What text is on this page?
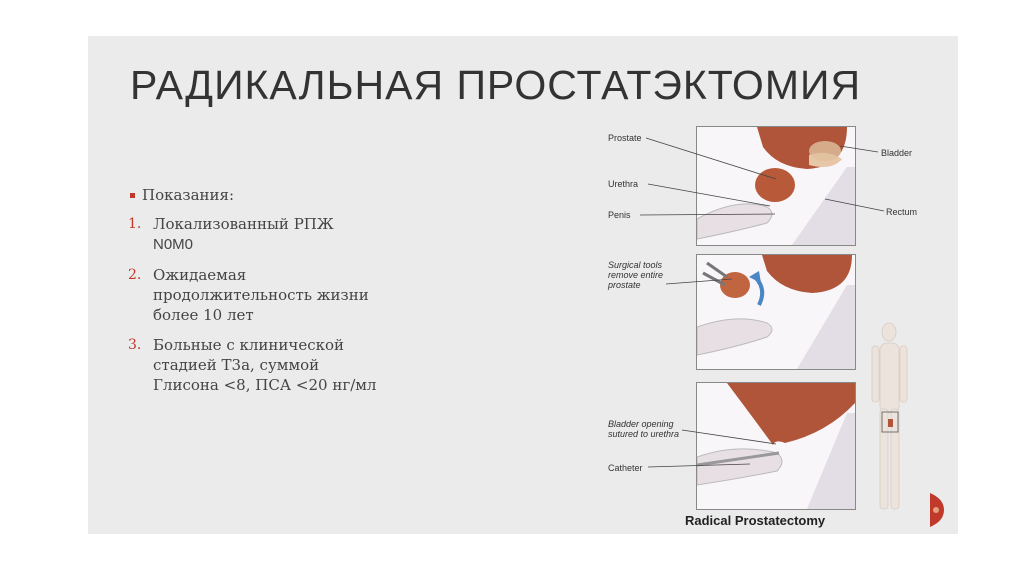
РАДИКАЛЬНАЯ ПРОСТАТЭКТОМИЯ
Показания:
1. Локализованный РПЖ
N0M0
2. Ожидаемая
продолжительность жизни
более 10 лет
3. Больные с клинической
стадией Т3а, суммой
Глисона <8, ПСА <20 нг/мл
Prostate
Urethra
Penis
Bladder
Rectum
Surgical tools
remove entire
prostate
Bladder opening
sutured to urethra
Catheter
Radical Prostatectomy
